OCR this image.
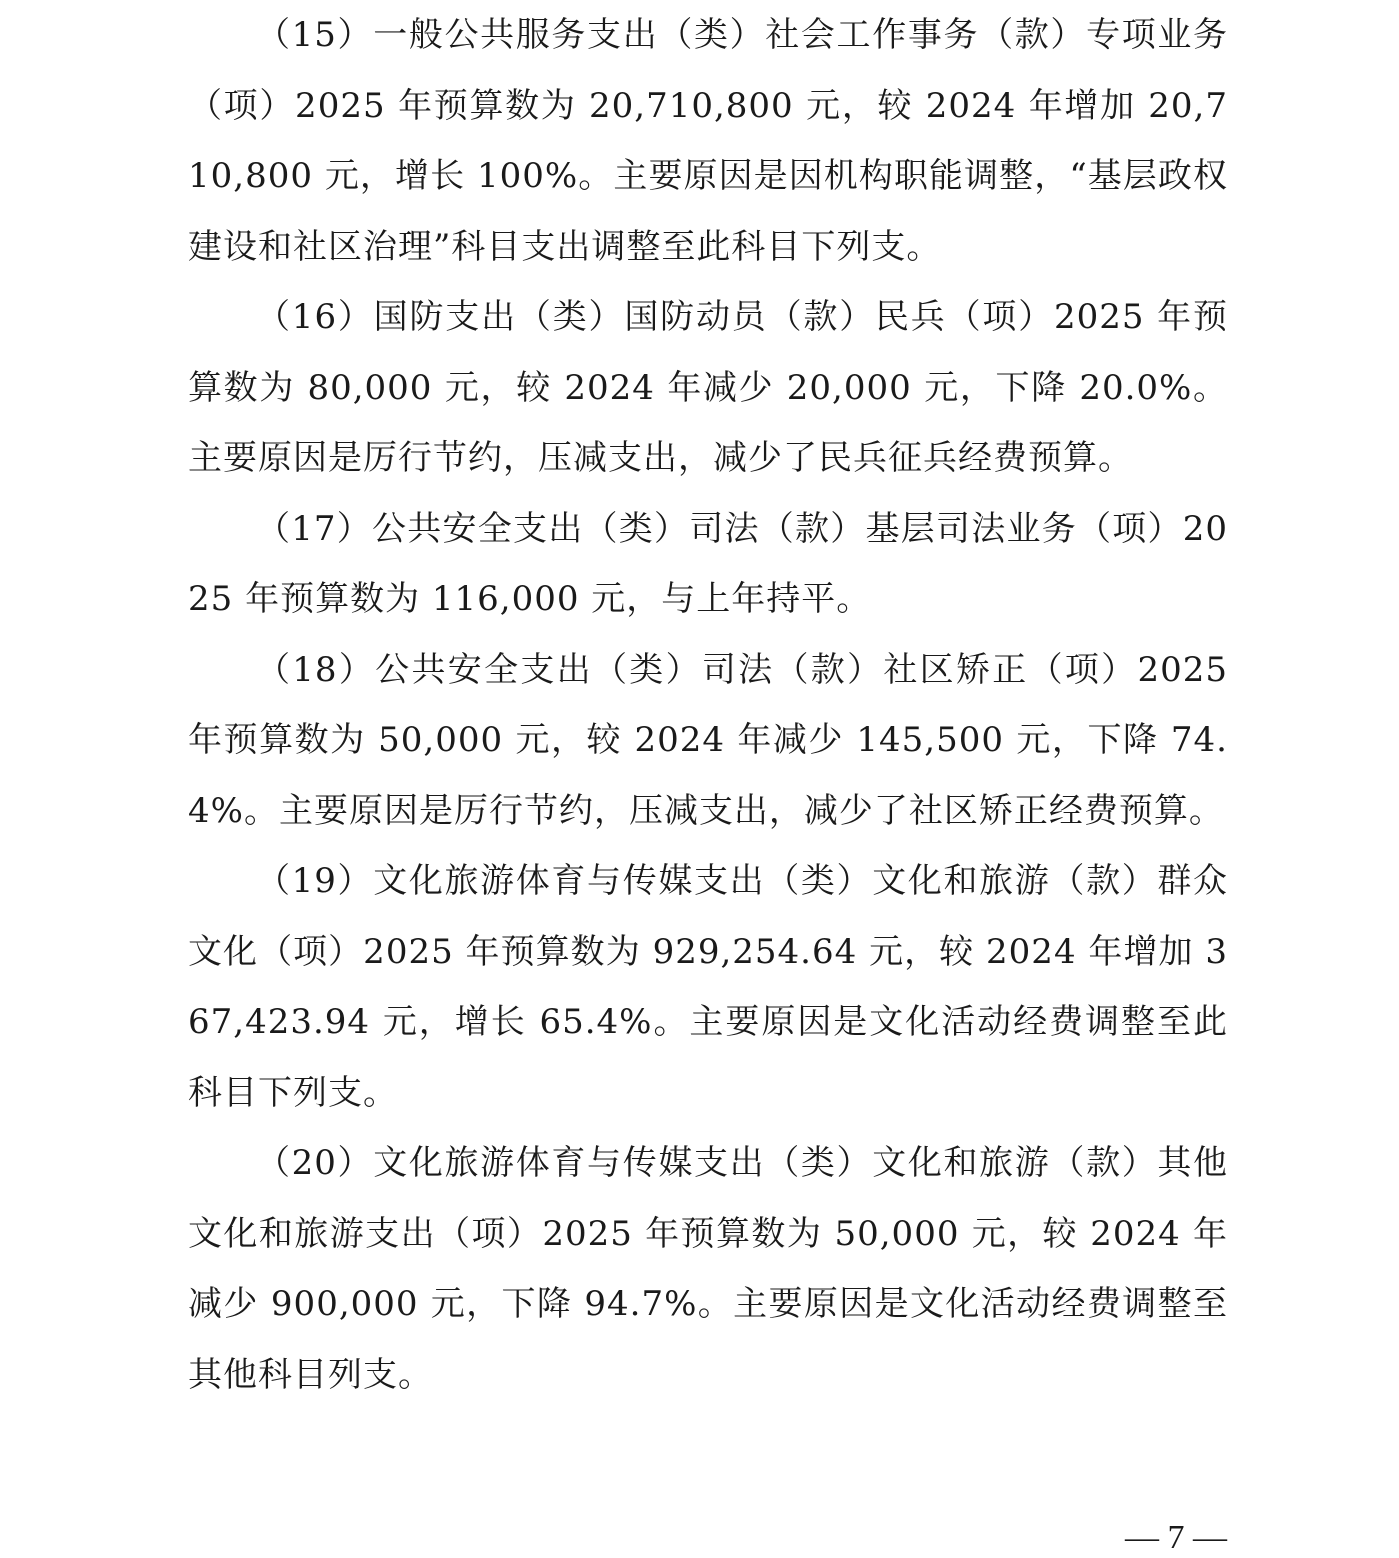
（15）一般公共服务支出（类）社会工作事务（款）专项业务（项）2025 年预算数为 20,710,800 元，较 2024 年增加 20,710,800 元，增长 100%。主要原因是因机构职能调整，“基层政权建设和社区治理”科目支出调整至此科目下列支。

（16）国防支出（类）国防动员（款）民兵（项）2025 年预算数为 80,000 元，较 2024 年减少 20,000 元，下降 20.0%。主要原因是厉行节约，压减支出，减少了民兵征兵经费预算。

（17）公共安全支出（类）司法（款）基层司法业务（项）2025 年预算数为 116,000 元，与上年持平。

（18）公共安全支出（类）司法（款）社区矫正（项）2025 年预算数为 50,000 元，较 2024 年减少 145,500 元，下降 74.4%。主要原因是厉行节约，压减支出，减少了社区矫正经费预算。

（19）文化旅游体育与传媒支出（类）文化和旅游（款）群众文化（项）2025 年预算数为 929,254.64 元，较 2024 年增加 367,423.94 元，增长 65.4%。主要原因是文化活动经费调整至此科目下列支。

（20）文化旅游体育与传媒支出（类）文化和旅游（款）其他文化和旅游支出（项）2025 年预算数为 50,000 元，较 2024 年减少 900,000 元，下降 94.7%。主要原因是文化活动经费调整至其他科目列支。

— 7 —
